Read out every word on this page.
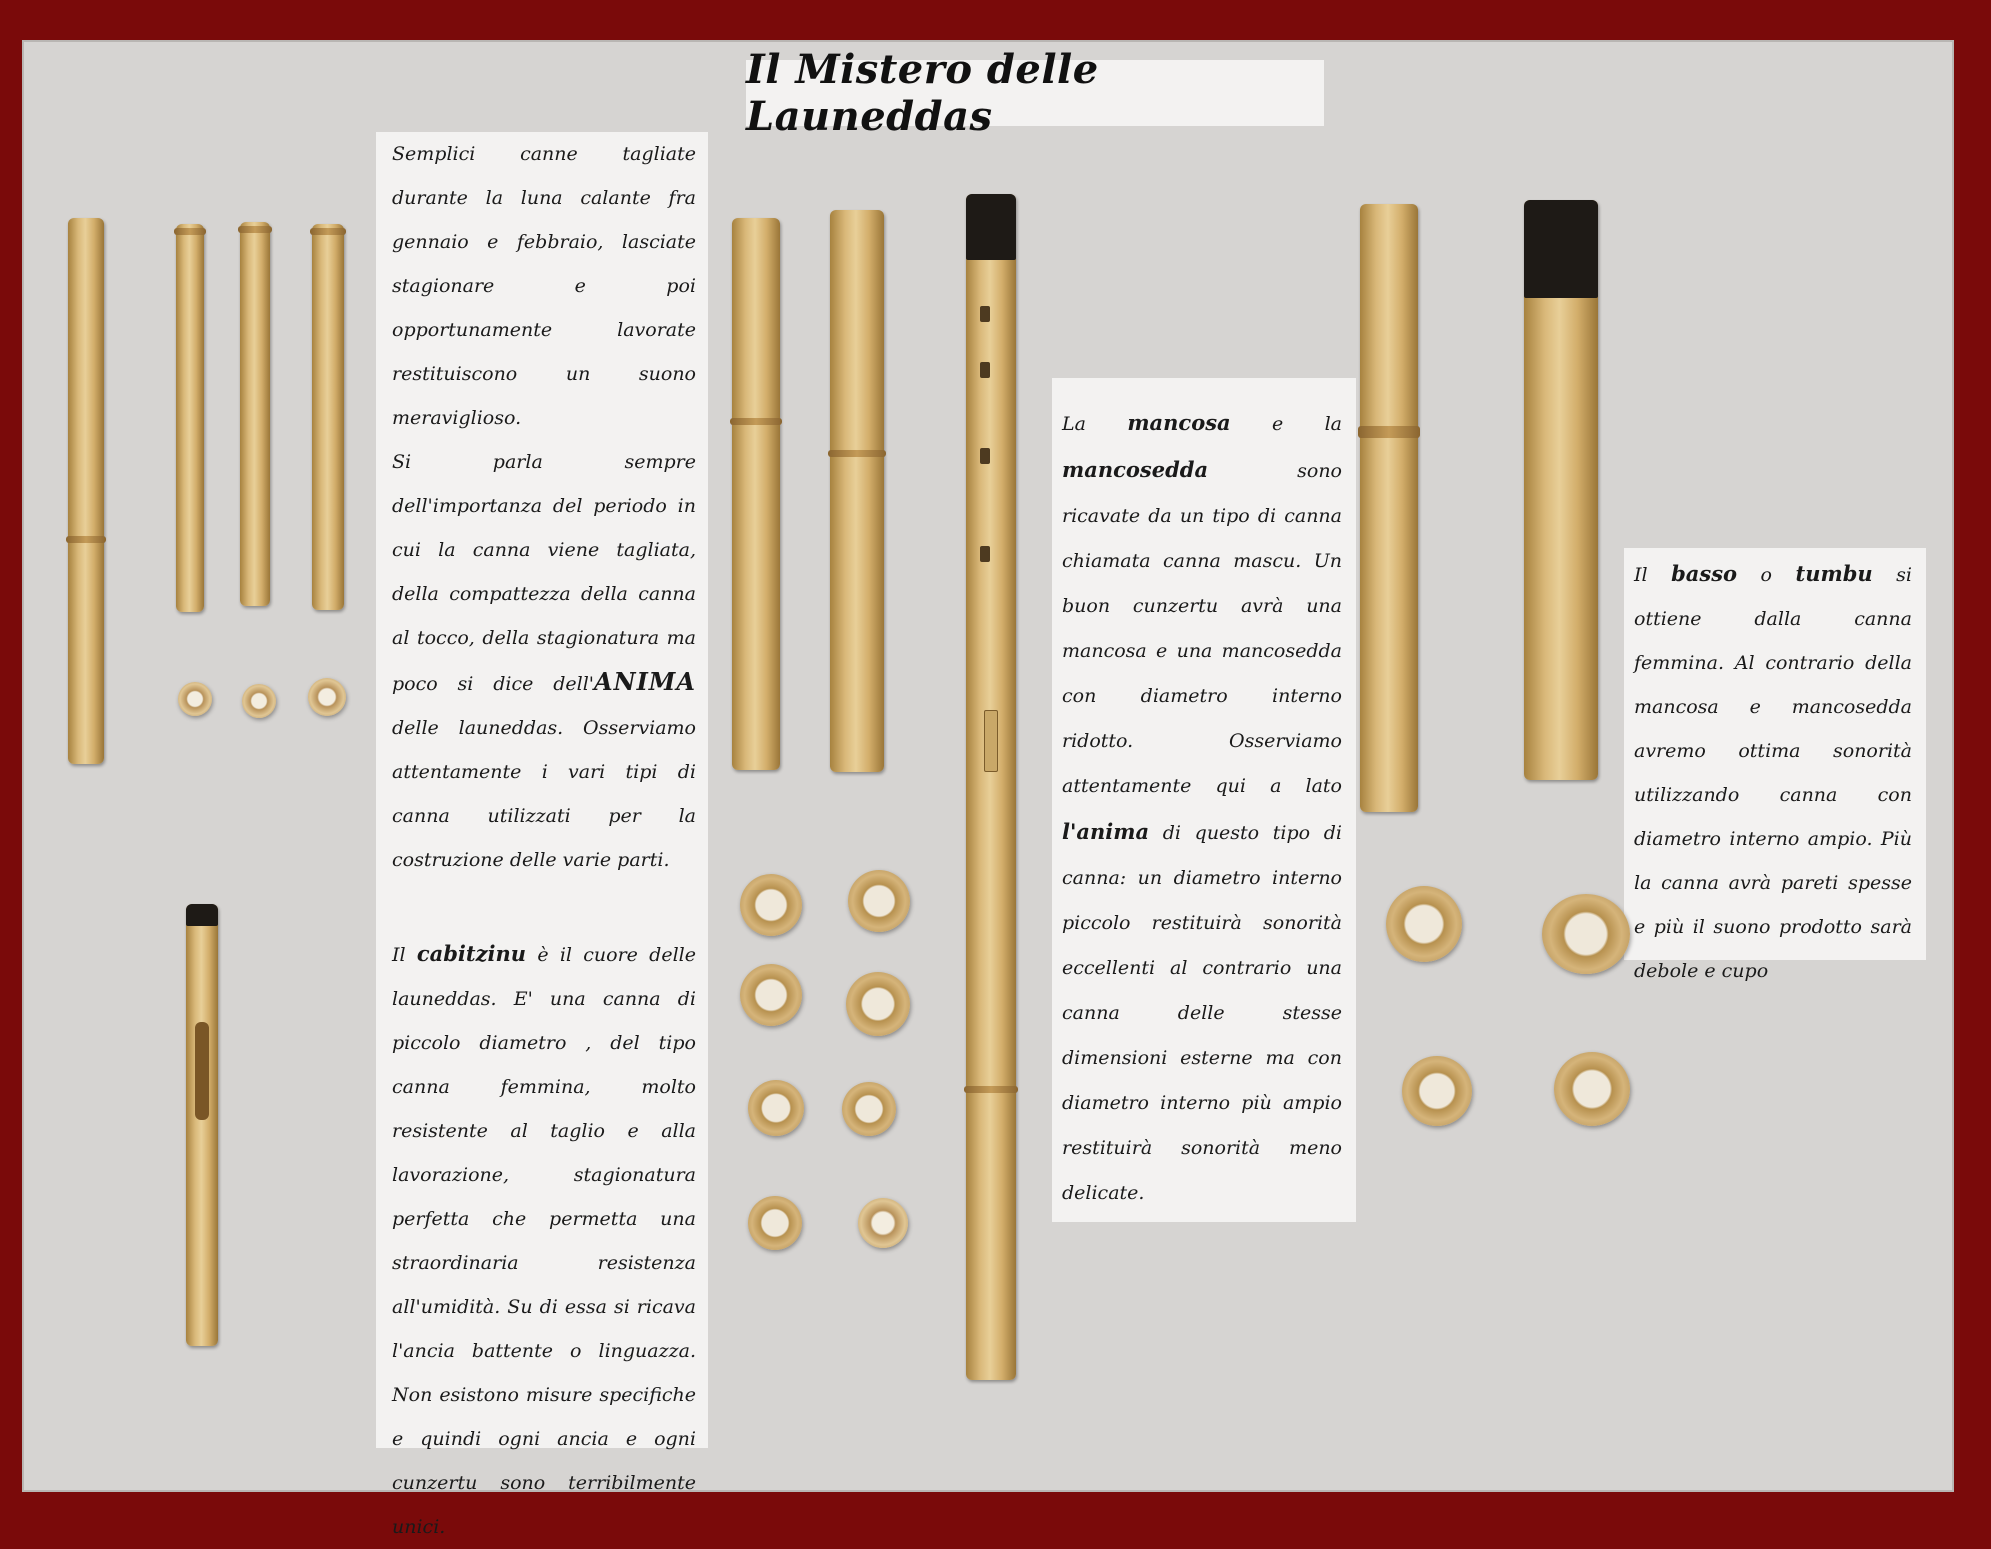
Il Mistero delle Launeddas

Semplici canne tagliate durante la luna calante fra gennaio e febbraio, lasciate stagionare e poi opportunamente lavorate restituiscono un suono meraviglioso.

Si parla sempre dell'importanza del periodo in cui la canna viene tagliata, della compattezza della canna al tocco, della stagionatura ma poco si dice dell'ANIMA delle launeddas. Osserviamo attentamente i vari tipi di canna utilizzati per la costruzione delle varie parti.

Il cabitzinu è il cuore delle launeddas. E' una canna di piccolo diametro , del tipo canna femmina, molto resistente al taglio e alla lavorazione, stagionatura perfetta che permetta una straordinaria resistenza all'umidità. Su di essa si ricava l'ancia battente o linguazza. Non esistono misure specifiche e quindi ogni ancia e ogni cunzertu sono terribilmente unici.

La mancosa e la mancosedda sono ricavate da un tipo di canna chiamata canna mascu. Un buon cunzertu avrà una mancosa e una mancosedda con diametro interno ridotto. Osserviamo attentamente qui a lato l'anima di questo tipo di canna: un diametro interno piccolo restituirà sonorità eccellenti al contrario una canna delle stesse dimensioni esterne ma con diametro interno più ampio restituirà sonorità meno delicate.

Il basso o tumbu si ottiene dalla canna femmina. Al contrario della mancosa e mancosedda avremo ottima sonorità utilizzando canna con diametro interno ampio. Più la canna avrà pareti spesse e più il suono prodotto sarà debole e cupo
